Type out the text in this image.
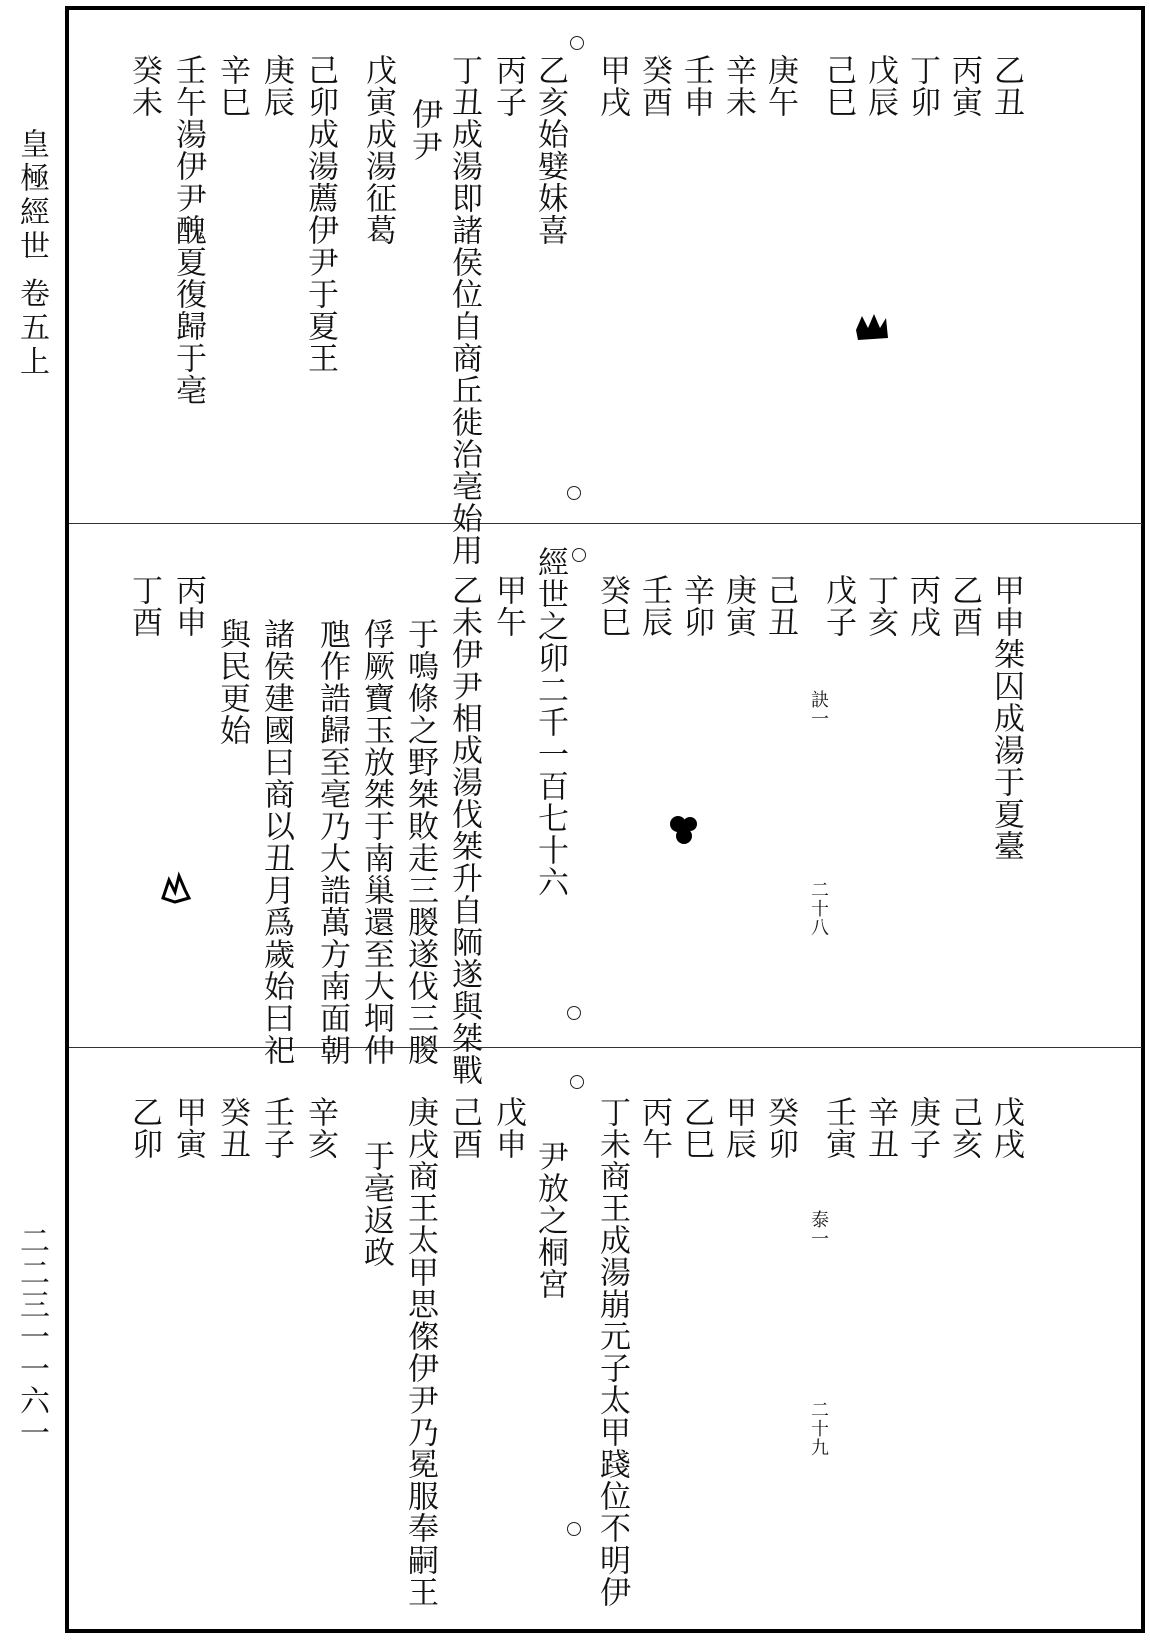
皇極經世 卷五上
二二三一一六一
乙丑
丙寅
丁卯
戊辰
己巳
庚午
辛未
壬申
癸酉
甲戌
乙亥始嬖妺喜
丙子
丁丑成湯即諸侯位自商丘徙治亳始用
伊尹
戊寅成湯征葛
己卯成湯薦伊尹于夏王
庚辰
辛巳
壬午湯伊尹醜夏復歸于亳
癸未
甲申桀囚成湯于夏臺
乙酉
丙戌
丁亥
戊子
訣一
二十八
己丑
庚寅
辛卯
壬辰
癸巳
經世之卯二千一百七十六
甲午
乙未伊尹相成湯伐桀升自陑遂與桀戰
于鳴條之野桀敗走三朡遂伐三朡
俘厥寶玉放桀于南巢還至大坰仲
虺作誥歸至亳乃大誥萬方南面朝
諸侯建國曰商以丑月爲歲始曰祀
與民更始
丙申
丁酉
戊戌
己亥
庚子
辛丑
壬寅
癸卯
泰一
二十九
甲辰
乙巳
丙午
丁未商王成湯崩元子太甲踐位不明伊
尹放之桐宮
戊申
己酉
庚戌商王太甲思𠍇伊尹乃冕服奉嗣王
于亳返政
辛亥
壬子
癸丑
甲寅
乙卯
